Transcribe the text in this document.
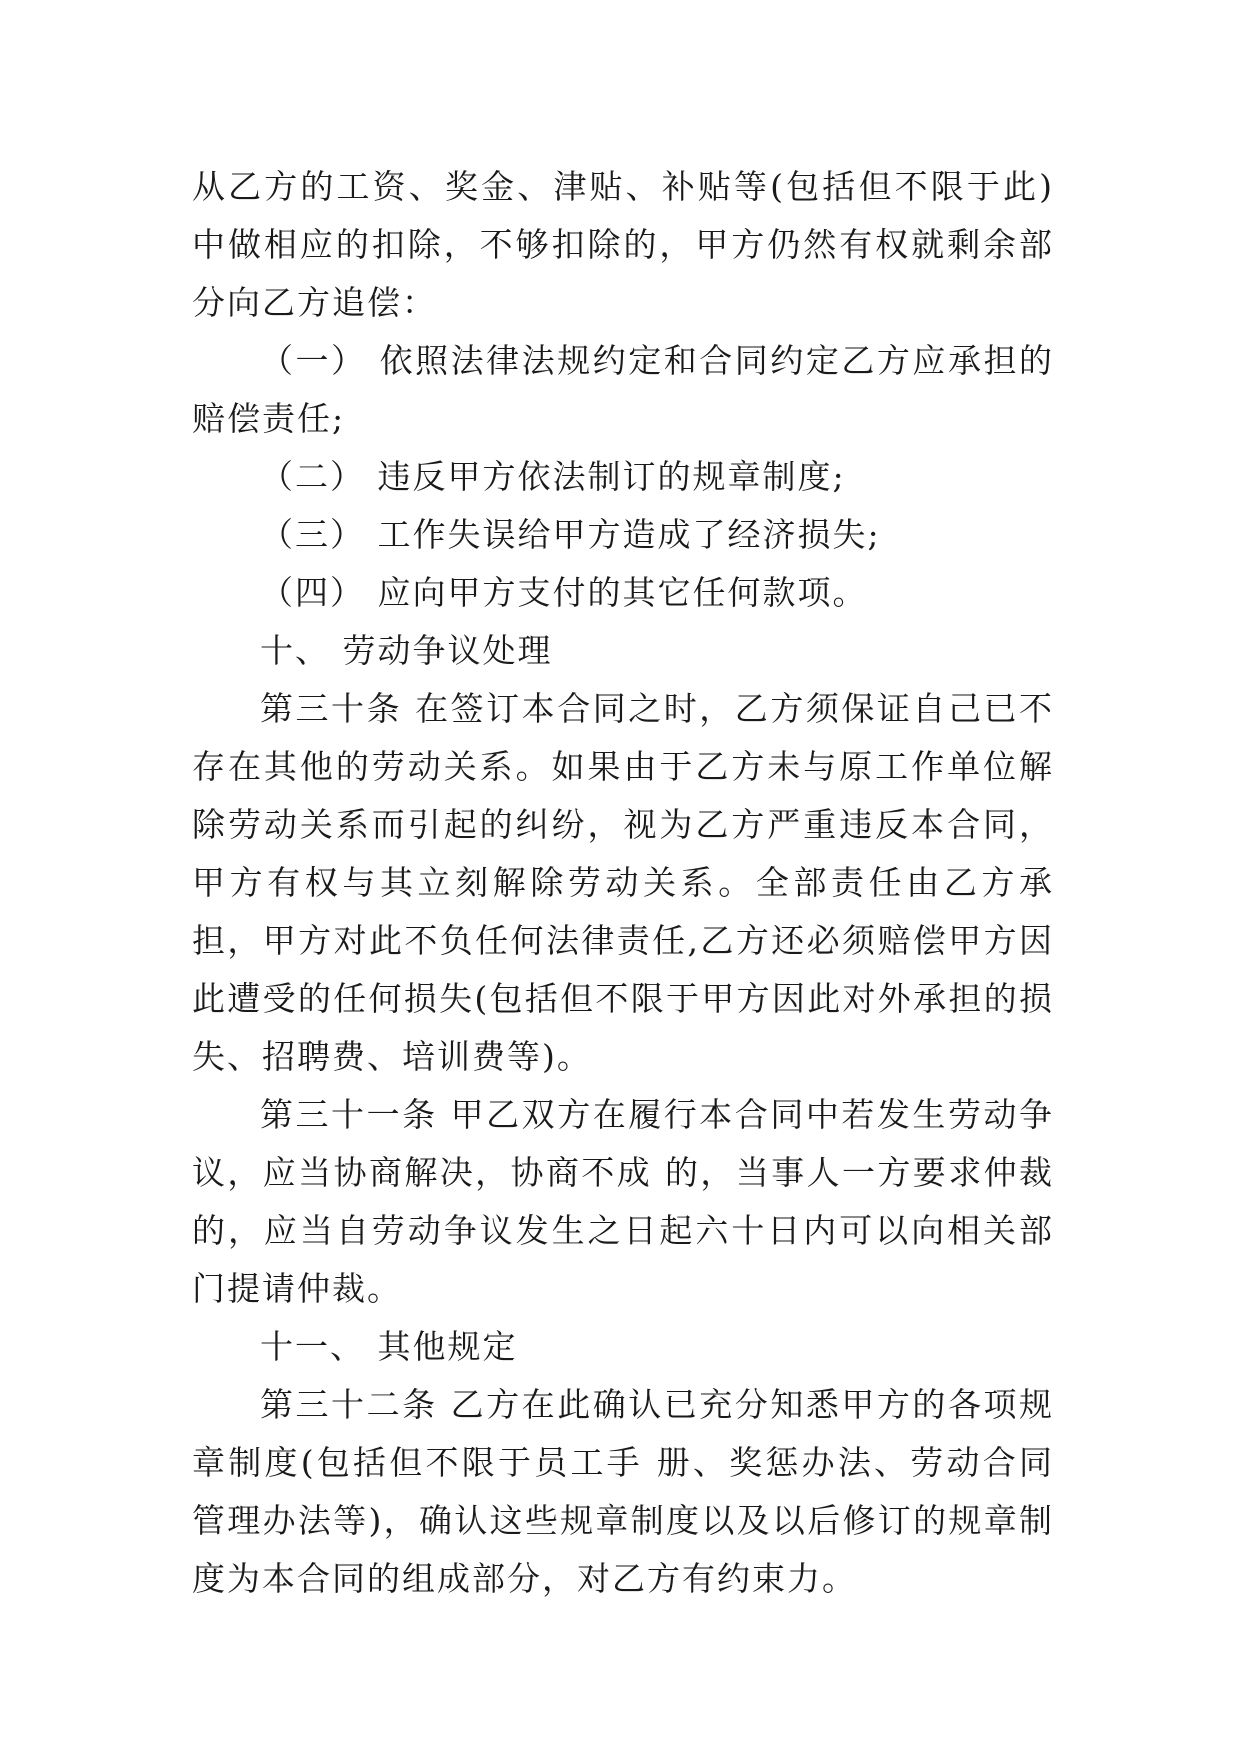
从乙方的工资、奖金、津贴、补贴等(包括但不限于此)中做相应的扣除，不够扣除的，甲方仍然有权就剩余部分向乙方追偿：

（一） 依照法律法规约定和合同约定乙方应承担的赔偿责任;

（二） 违反甲方依法制订的规章制度;

（三） 工作失误给甲方造成了经济损失;

（四） 应向甲方支付的其它任何款项。

十、 劳动争议处理

第三十条 在签订本合同之时，乙方须保证自己已不存在其他的劳动关系。如果由于乙方未与原工作单位解除劳动关系而引起的纠纷，视为乙方严重违反本合同，甲方有权与其立刻解除劳动关系。全部责任由乙方承担，甲方对此不负任何法律责任,乙方还必须赔偿甲方因此遭受的任何损失(包括但不限于甲方因此对外承担的损失、招聘费、培训费等)。

第三十一条 甲乙双方在履行本合同中若发生劳动争议，应当协商解决，协商不成 的，当事人一方要求仲裁的，应当自劳动争议发生之日起六十日内可以向相关部门提请仲裁。

十一、 其他规定

第三十二条 乙方在此确认已充分知悉甲方的各项规章制度(包括但不限于员工手 册、奖惩办法、劳动合同管理办法等)，确认这些规章制度以及以后修订的规章制度为本合同的组成部分，对乙方有约束力。
